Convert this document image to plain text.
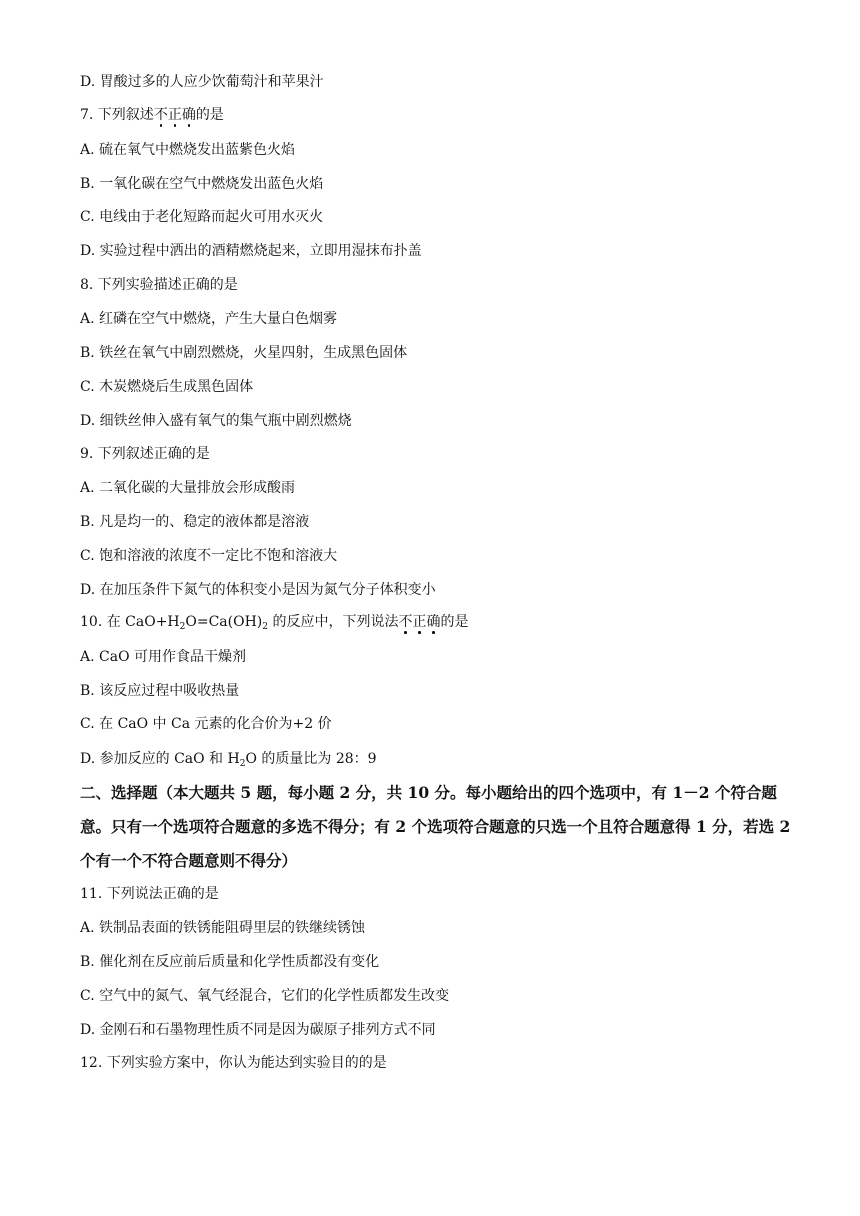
D. 胃酸过多的人应少饮葡萄汁和苹果汁
7. 下列叙述不正确的是
A. 硫在氧气中燃烧发出蓝紫色火焰
B. 一氧化碳在空气中燃烧发出蓝色火焰
C. 电线由于老化短路而起火可用水灭火
D. 实验过程中洒出的酒精燃烧起来，立即用湿抹布扑盖
8. 下列实验描述正确的是
A. 红磷在空气中燃烧，产生大量白色烟雾
B. 铁丝在氧气中剧烈燃烧，火星四射，生成黑色固体
C. 木炭燃烧后生成黑色固体
D. 细铁丝伸入盛有氧气的集气瓶中剧烈燃烧
9. 下列叙述正确的是
A. 二氧化碳的大量排放会形成酸雨
B. 凡是均一的、稳定的液体都是溶液
C. 饱和溶液的浓度不一定比不饱和溶液大
D. 在加压条件下氮气的体积变小是因为氮气分子体积变小
10. 在 $CaO+H_2O=Ca(OH)_2$ 的反应中，下列说法不正确的是
A. CaO 可用作食品干燥剂
B. 该反应过程中吸收热量
C. 在 CaO 中 Ca 元素的化合价为+2 价
D. 参加反应的 CaO 和 $H_2O$ 的质量比为 28：9
二、选择题（本大题共 5 题，每小题 2 分，共 10 分。每小题给出的四个选项中，有 1－2 个符合题意。只有一个选项符合题意的多选不得分；有 2 个选项符合题意的只选一个且符合题意得 1 分，若选 2 个有一个不符合题意则不得分）
11. 下列说法正确的是
A. 铁制品表面的铁锈能阻碍里层的铁继续锈蚀
B. 催化剂在反应前后质量和化学性质都没有变化
C. 空气中的氮气、氧气经混合，它们的化学性质都发生改变
D. 金刚石和石墨物理性质不同是因为碳原子排列方式不同
12. 下列实验方案中，你认为能达到实验目的的是
